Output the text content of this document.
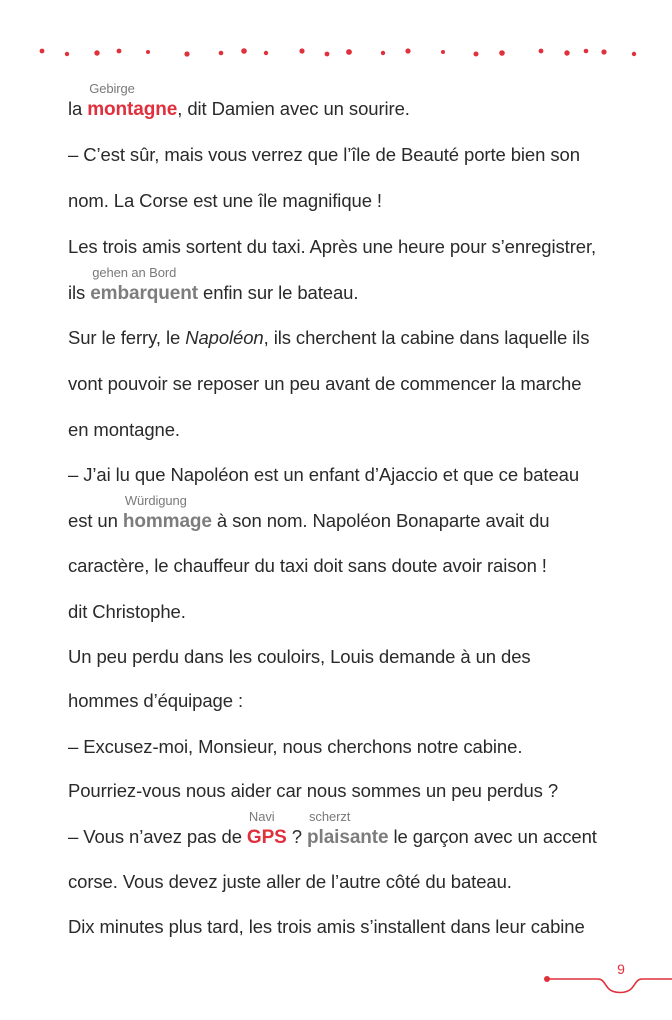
la
Gebirge
montagne, dit Damien avec un sourire.

– C’est sûr, mais vous verrez que l’île de Beauté porte bien son

nom. La Corse est une île magnifique !

Les trois amis sortent du taxi. Après une heure pour s’enregistrer,

ils
gehen an Bord
embarquent enfin sur le bateau.

Sur le ferry, le Napoléon, ils cherchent la cabine dans laquelle ils

vont pouvoir se reposer un peu avant de commencer la marche

en montagne.

– J’ai lu que Napoléon est un enfant d’Ajaccio et que ce bateau

est un
Würdigung
hommage à son nom. Napoléon Bonaparte avait du

caractère, le chauffeur du taxi doit sans doute avoir raison !

dit Christophe.

Un peu perdu dans les couloirs, Louis demande à un des

hommes d’équipage :

– Excusez-moi, Monsieur, nous cherchons notre cabine.

Pourriez-vous nous aider car nous sommes un peu perdus ?

– Vous n’avez pas de
Navi
GPS ?
scherzt
plaisante le garçon avec un accent

corse. Vous devez juste aller de l’autre côté du bateau.

Dix minutes plus tard, les trois amis s’installent dans leur cabine

9
